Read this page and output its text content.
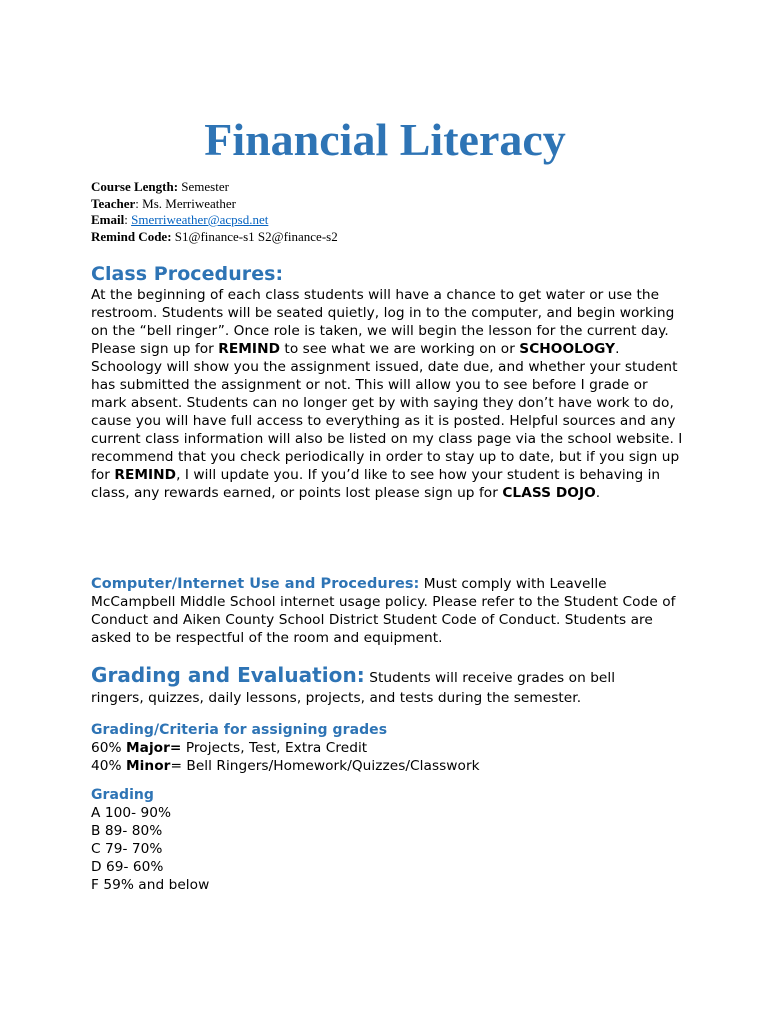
Financial Literacy
Course Length: Semester
Teacher: Ms. Merriweather
Email: Smerriweather@acpsd.net
Remind Code: S1@finance-s1 S2@finance-s2
Class Procedures:
At the beginning of each class students will have a chance to get water or use the restroom. Students will be seated quietly, log in to the computer, and begin working on the “bell ringer”. Once role is taken, we will begin the lesson for the current day. Please sign up for REMIND to see what we are working on or SCHOOLOGY. Schoology will show you the assignment issued, date due, and whether your student has submitted the assignment or not. This will allow you to see before I grade or mark absent. Students can no longer get by with saying they don’t have work to do, cause you will have full access to everything as it is posted. Helpful sources and any current class information will also be listed on my class page via the school website. I recommend that you check periodically in order to stay up to date, but if you sign up for REMIND, I will update you. If you’d like to see how your student is behaving in class, any rewards earned, or points lost please sign up for CLASS DOJO.
Computer/Internet Use and Procedures: Must comply with Leavelle McCampbell Middle School internet usage policy. Please refer to the Student Code of Conduct and Aiken County School District Student Code of Conduct. Students are asked to be respectful of the room and equipment.
Grading and Evaluation: Students will receive grades on bell ringers, quizzes, daily lessons, projects, and tests during the semester.
Grading/Criteria for assigning grades
60% Major= Projects, Test, Extra Credit
40% Minor= Bell Ringers/Homework/Quizzes/Classwork
Grading
A 100- 90%
B 89- 80%
C 79- 70%
D 69- 60%
F 59% and below
